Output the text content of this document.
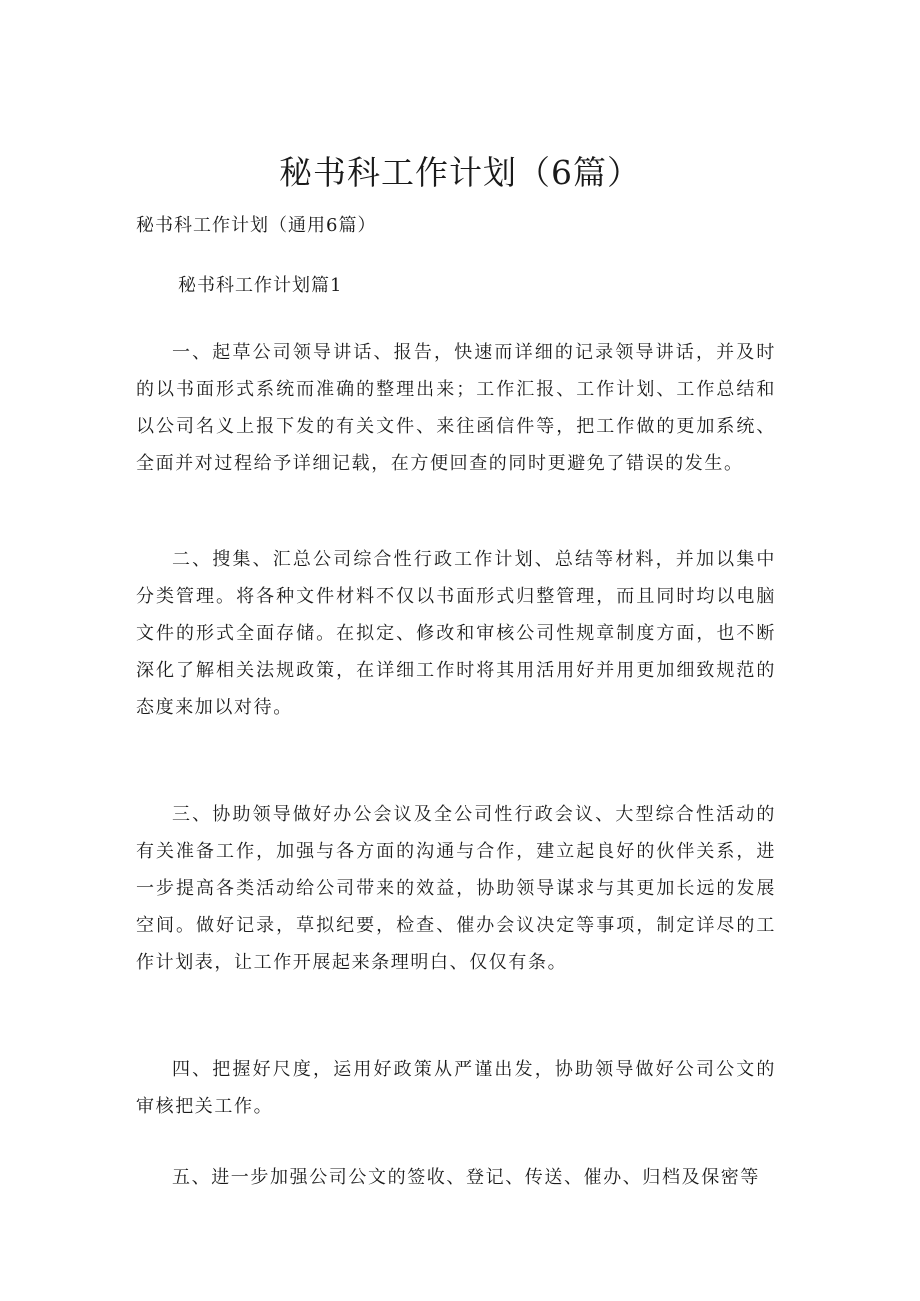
秘书科工作计划（6篇）
秘书科工作计划（通用6篇）
秘书科工作计划篇1

一、起草公司领导讲话、报告，快速而详细的记录领导讲话，并及时的以书面形式系统而准确的整理出来；工作汇报、工作计划、工作总结和以公司名义上报下发的有关文件、来往函信件等，把工作做的更加系统、全面并对过程给予详细记载，在方便回查的同时更避免了错误的发生。

二、搜集、汇总公司综合性行政工作计划、总结等材料，并加以集中分类管理。将各种文件材料不仅以书面形式归整管理，而且同时均以电脑文件的形式全面存储。在拟定、修改和审核公司性规章制度方面，也不断深化了解相关法规政策，在详细工作时将其用活用好并用更加细致规范的态度来加以对待。

三、协助领导做好办公会议及全公司性行政会议、大型综合性活动的有关准备工作，加强与各方面的沟通与合作，建立起良好的伙伴关系，进一步提高各类活动给公司带来的效益，协助领导谋求与其更加长远的发展空间。做好记录，草拟纪要，检查、催办会议决定等事项，制定详尽的工作计划表，让工作开展起来条理明白、仅仅有条。

四、把握好尺度，运用好政策从严谨出发，协助领导做好公司公文的审核把关工作。

五、进一步加强公司公文的签收、登记、传送、催办、归档及保密等
